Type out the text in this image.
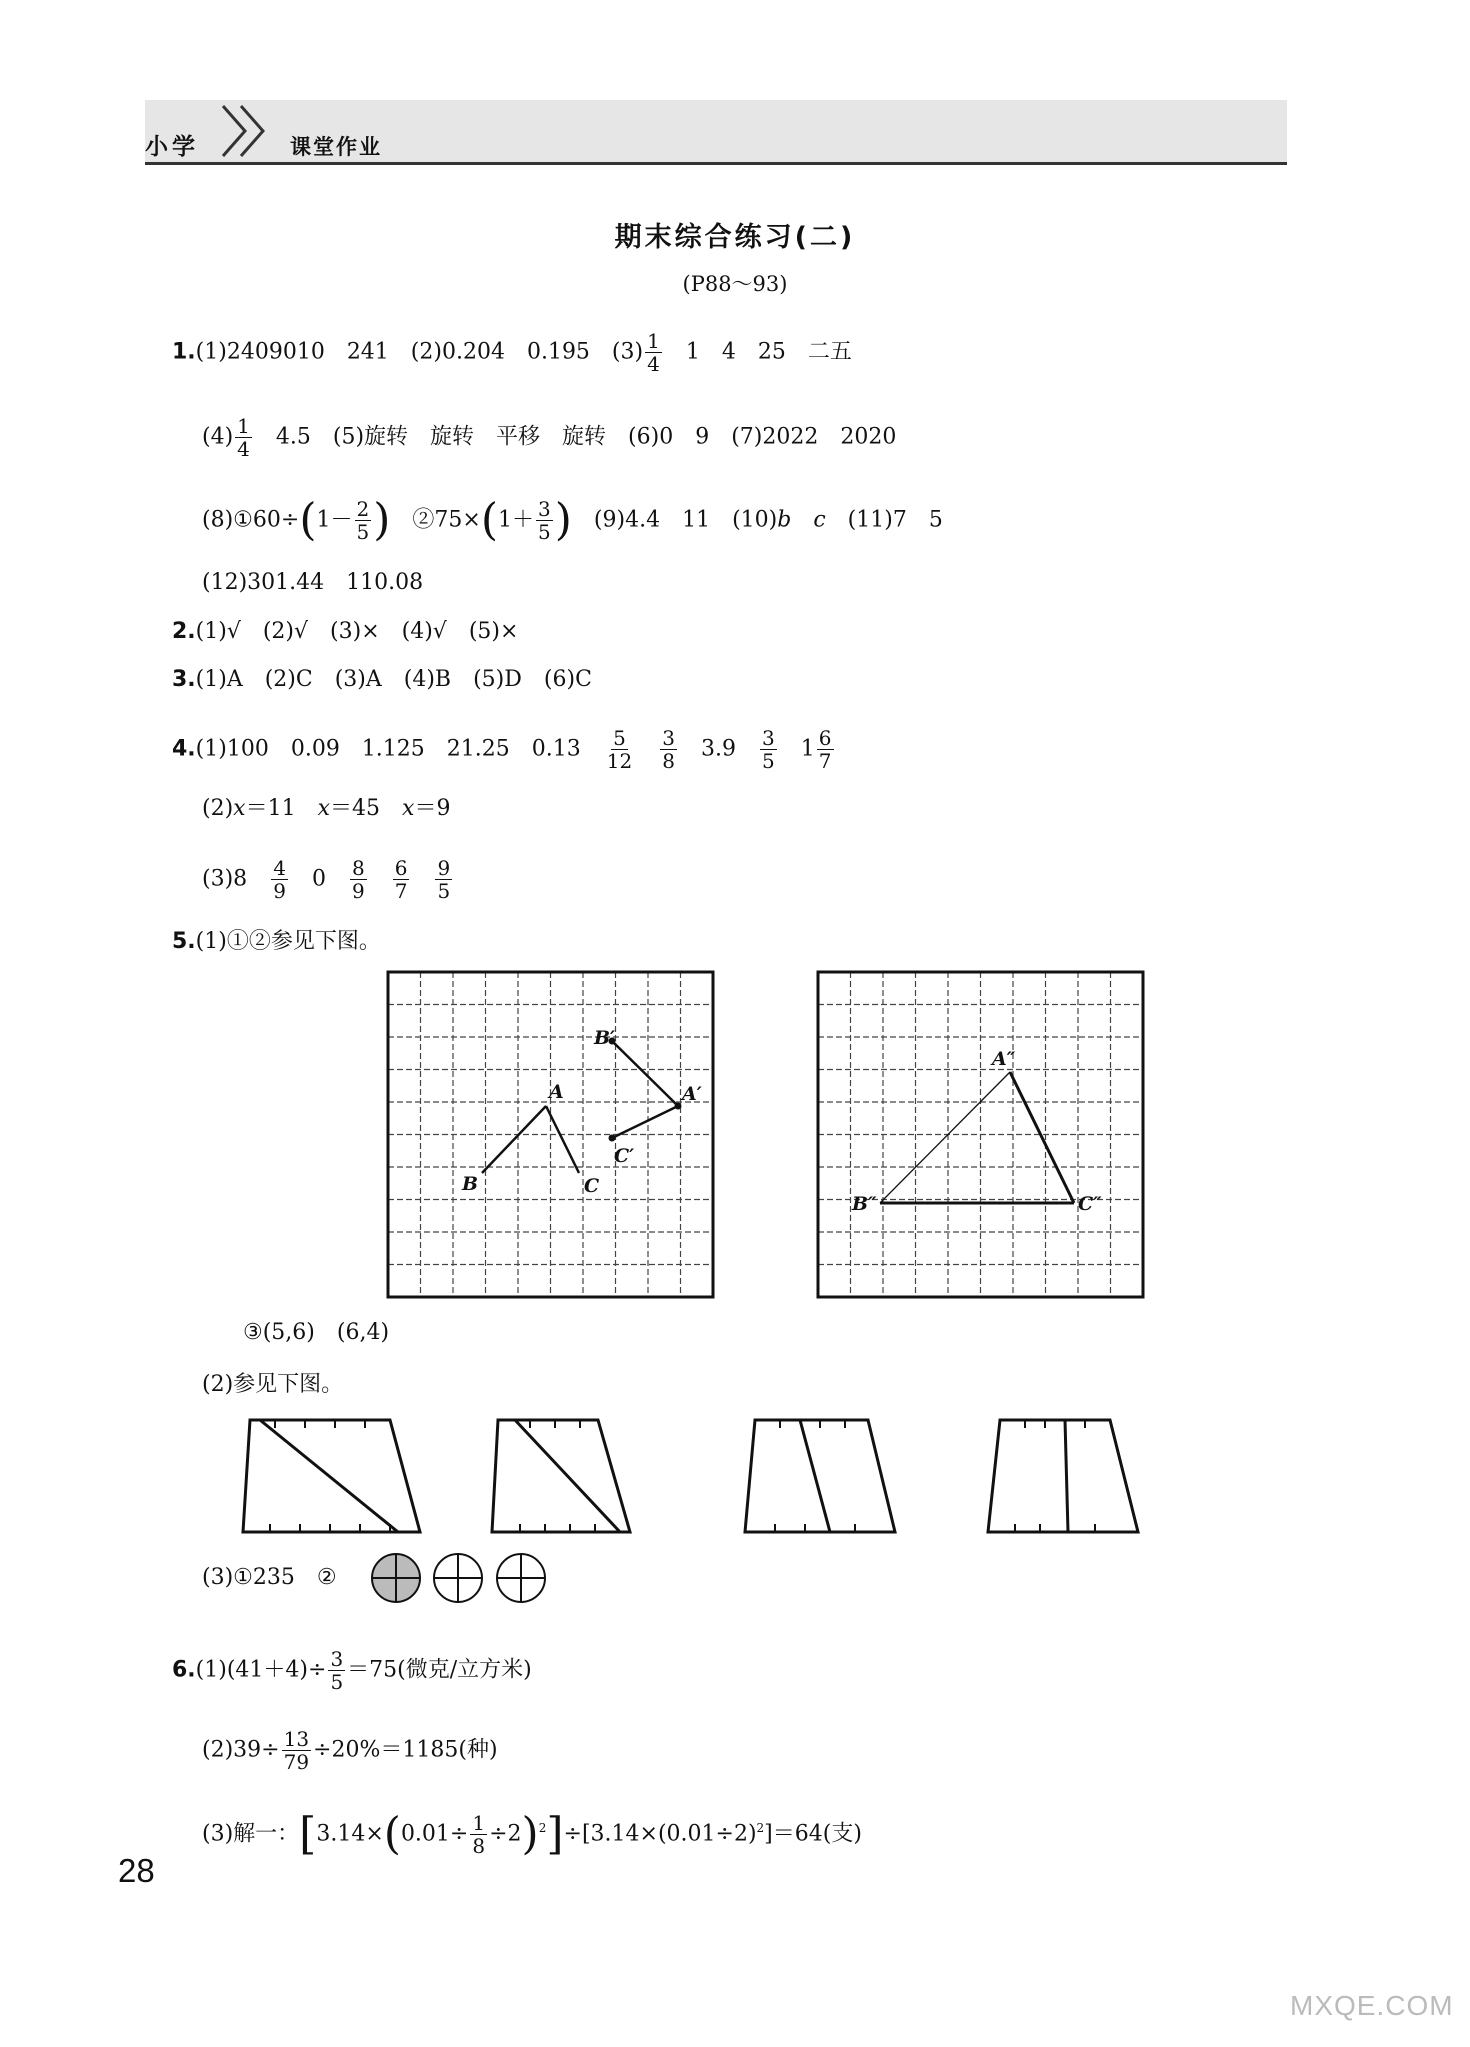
小学	课堂作业
期末综合练习(二)
(P88～93)
1.(1)2409010　241　(2)0.204　0.195　$(3) \frac{1}{4}$ 　1　4　25　二五
$(4) \frac{1}{4}$ 　4.5　(5)旋转　旋转　平移　旋转　(6)0　9　(7)2022　2020
(8)①60÷(1－ $\frac{2}{5}$ )　②75×(1＋ $\frac{3}{5}$ )　(9)4.4　11　(10)b　 c　(11)7　5
(12)301.44　110.08
2.(1)√　(2)√　(3)×　(4)√　(5)×
3.(1)A　(2)C　(3)A　(4)B　(5)D　(6)C
4.(1)100　0.09　1.125　21.25　0.13　 $\frac{5}{12}$
　 $\frac{3}{8}$
　 3.9　 $\frac{3}{5}$
　 $1 \frac{6}{7}$
(2)x＝11　 x＝45　 x＝9
(3)8　 $\frac{4}{9}$
　 0　 $\frac{8}{9}$
　 $\frac{6}{7}$
　 $\frac{9}{5}$
5.(1)①②参见下图。
A
B	C
B′
A′
C′
A″
B″	C″
③(5,6)　(6,4)
(2)参见下图。
(3)①235　②
$6.(1)(41+4)\div \frac{3}{5} =75$(微克/立方米)
$(2)39\div \frac{13}{79} \div 20\%=1185$(种)
(3)解一：$[3.14\times(0.01\div \frac{1}{8} \div 2)^2]\div[3.14\times(0.01\div 2)^2]=64$(支)
28
MXQE.COM
